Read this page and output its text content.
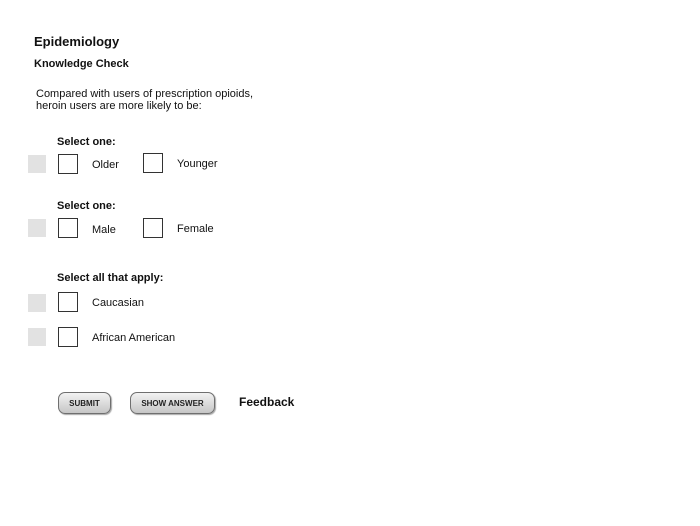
Epidemiology
Knowledge Check
Compared with users of prescription opioids,
heroin users are more likely to be:
Select one:
Older	Younger
Select one:
Male	Female
Select all that apply:
Caucasian
African American
SUBMIT	SHOW ANSWER	Feedback
